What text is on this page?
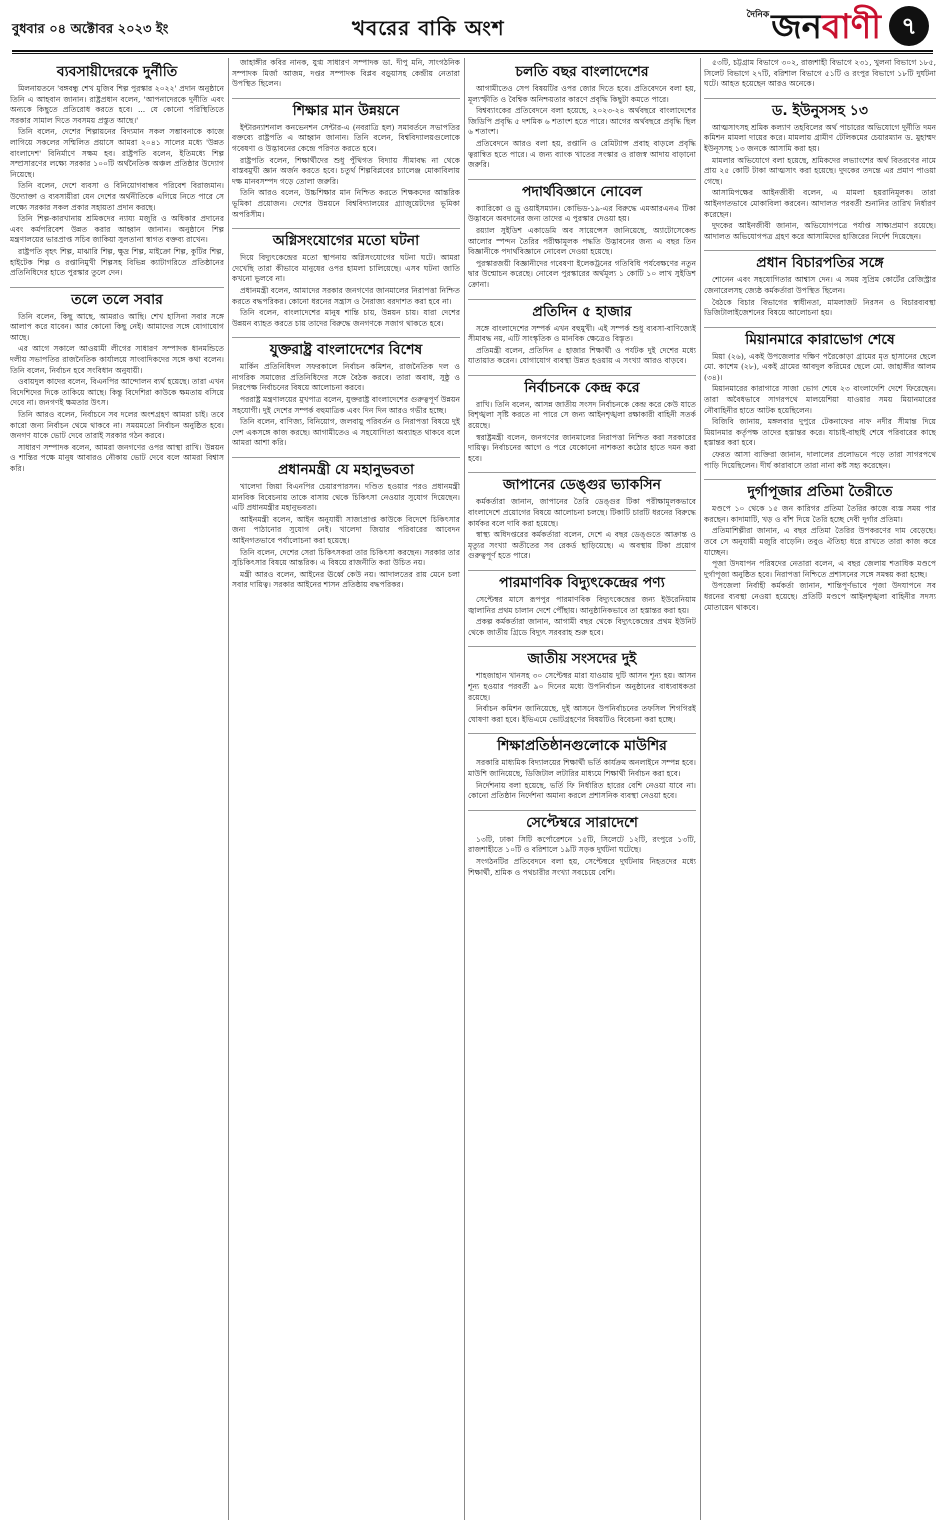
বুধবার ০৪ অক্টোবর ২০২৩ ইং	খবরের বাকি অংশ
দৈনিক জন বাণী ৭
ব্যবসায়ীদেরকে দুর্নীতি

মিলনায়তনে 'বঙ্গবন্ধু শেখ মুজিব শিল্প পুরস্কার ২০২২' প্রদান অনুষ্ঠানে তিনি এ আহবান জানান। রাষ্ট্রপ্রধান বলেন, 'আপনাদেরকে দুর্নীতি এবং অন্যকে কিছুতে প্রতিরোধ করতে হবে। ... যে কোনো পরিস্থিতিতে সরকার সামাল দিতে সবসময় প্রস্তুত আছে।'

তিনি বলেন, দেশের শিল্পায়নের বিদ্যমান সকল সম্ভাবনাকে কাজে লাগিয়ে সকলের সম্মিলিত প্রয়াসে আমরা ২০৪১ সালের মধ্যে 'উন্নত বাংলাদেশ' বিনির্মাণে সক্ষম হব। রাষ্ট্রপতি বলেন, ইতিমধ্যে শিল্প সম্প্রসারণের লক্ষ্যে সরকার ১০০টি অর্থনৈতিক অঞ্চল প্রতিষ্ঠার উদ্যোগ নিয়েছে।

তিনি বলেন, দেশে ব্যবসা ও বিনিয়োগবান্ধব পরিবেশ বিরাজমান। উদ্যোক্তা ও ব্যবসায়ীরা যেন দেশের অর্থনীতিকে এগিয়ে নিতে পারে সে লক্ষ্যে সরকার সকল প্রকার সহায়তা প্রদান করছে।

তিনি শিল্প-কারখানায় শ্রমিকদের ন্যায্য মজুরি ও অধিকার প্রদানের এবং কর্মপরিবেশ উন্নত করার আহ্বান জানান। অনুষ্ঠানে শিল্প মন্ত্রণালয়ের ভারপ্রাপ্ত সচিব জাকিয়া সুলতানা স্বাগত বক্তব্য রাখেন।

রাষ্ট্রপতি বৃহৎ শিল্প, মাঝারি শিল্প, ক্ষুদ্র শিল্প, মাইক্রো শিল্প, কুটির শিল্প, হাইটেক শিল্প ও রপ্তানিমুখী শিল্পসহ বিভিন্ন ক্যাটাগরিতে প্রতিষ্ঠানের প্রতিনিধিদের হাতে পুরস্কার তুলে দেন।

তলে তলে সবার

তিনি বলেন, কিছু আছে, আমরাও আছি। শেখ হাসিনা সবার সঙ্গে আলাপ করে যাবেন। আর কোনো কিছু নেই। আমাদের সঙ্গে যোগাযোগ আছে।

এর আগে সকালে আওয়ামী লীগের সাধারণ সম্পাদক ধানমন্ডিতে দলীয় সভাপতির রাজনৈতিক কার্যালয়ে সাংবাদিকদের সঙ্গে কথা বলেন। তিনি বলেন, নির্বাচন হবে সংবিধান অনুযায়ী।

ওবায়দুল কাদের বলেন, বিএনপির আন্দোলন ব্যর্থ হয়েছে। তারা এখন বিদেশিদের দিকে তাকিয়ে আছে। কিন্তু বিদেশিরা কাউকে ক্ষমতায় বসিয়ে দেবে না। জনগণই ক্ষমতার উৎস।

তিনি আরও বলেন, নির্বাচনে সব দলের অংশগ্রহণ আমরা চাই। তবে কারো জন্য নির্বাচন থেমে থাকবে না। সময়মতো নির্বাচন অনুষ্ঠিত হবে। জনগণ যাকে ভোট দেবে তারাই সরকার গঠন করবে।

সাধারণ সম্পাদক বলেন, আমরা জনগণের ওপর আস্থা রাখি। উন্নয়ন ও শান্তির পক্ষে মানুষ আবারও নৌকায় ভোট দেবে বলে আমরা বিশ্বাস করি।

জাহাঙ্গীর কবির নানক, যুগ্ম সাধারণ সম্পাদক ডা. দীপু মনি, সাংগঠনিক সম্পাদক মির্জা আজম, দপ্তর সম্পাদক বিপ্লব বড়ুয়াসহ কেন্দ্রীয় নেতারা উপস্থিত ছিলেন।

শিক্ষার মান উন্নয়নে

ইন্টারন্যাশনাল কনভেনশন সেন্টার-এ (নবরাত্রি হল) সমাবর্তনে সভাপতির বক্তব্যে রাষ্ট্রপতি এ আহ্বান জানান। তিনি বলেন, বিশ্ববিদ্যালয়গুলোকে গবেষণা ও উদ্ভাবনের কেন্দ্রে পরিণত করতে হবে।

রাষ্ট্রপতি বলেন, শিক্ষার্থীদের শুধু পুঁথিগত বিদ্যায় সীমাবদ্ধ না থেকে বাস্তবমুখী জ্ঞান অর্জন করতে হবে। চতুর্থ শিল্পবিপ্লবের চ্যালেঞ্জ মোকাবিলায় দক্ষ মানবসম্পদ গড়ে তোলা জরুরি।

তিনি আরও বলেন, উচ্চশিক্ষার মান নিশ্চিত করতে শিক্ষকদের আন্তরিক ভূমিকা প্রয়োজন। দেশের উন্নয়নে বিশ্ববিদ্যালয়ের গ্র্যাজুয়েটদের ভূমিকা অপরিসীম।

অগ্নিসংযোগের মতো ঘটনা

দিয়ে বিদ্যুৎকেন্দ্রের মতো স্থাপনায় অগ্নিসংযোগের ঘটনা ঘটে। আমরা দেখেছি তারা কীভাবে মানুষের ওপর হামলা চালিয়েছে। এসব ঘটনা জাতি কখনো ভুলবে না।

প্রধানমন্ত্রী বলেন, আমাদের সরকার জনগণের জানমালের নিরাপত্তা নিশ্চিত করতে বদ্ধপরিকর। কোনো ধরনের সন্ত্রাস ও নৈরাজ্য বরদাশত করা হবে না।

তিনি বলেন, বাংলাদেশের মানুষ শান্তি চায়, উন্নয়ন চায়। যারা দেশের উন্নয়ন ব্যাহত করতে চায় তাদের বিরুদ্ধে জনগণকে সজাগ থাকতে হবে।

যুক্তরাষ্ট্র বাংলাদেশের বিশেষ

মার্কিন প্রতিনিধিদল সফরকালে নির্বাচন কমিশন, রাজনৈতিক দল ও নাগরিক সমাজের প্রতিনিধিদের সঙ্গে বৈঠক করবে। তারা অবাধ, সুষ্ঠু ও নিরপেক্ষ নির্বাচনের বিষয়ে আলোচনা করবে।

পররাষ্ট্র মন্ত্রণালয়ের মুখপাত্র বলেন, যুক্তরাষ্ট্র বাংলাদেশের গুরুত্বপূর্ণ উন্নয়ন সহযোগী। দুই দেশের সম্পর্ক বহুমাত্রিক এবং দিন দিন আরও গভীর হচ্ছে।

তিনি বলেন, বাণিজ্য, বিনিয়োগ, জলবায়ু পরিবর্তন ও নিরাপত্তা বিষয়ে দুই দেশ একসঙ্গে কাজ করছে। আগামীতেও এ সহযোগিতা অব্যাহত থাকবে বলে আমরা আশা করি।

প্রধানমন্ত্রী যে মহানুভবতা

খালেদা জিয়া বিএনপির চেয়ারপারসন। দণ্ডিত হওয়ার পরও প্রধানমন্ত্রী মানবিক বিবেচনায় তাকে বাসায় থেকে চিকিৎসা নেওয়ার সুযোগ দিয়েছেন। এটি প্রধানমন্ত্রীর মহানুভবতা।

আইনমন্ত্রী বলেন, আইন অনুযায়ী সাজাপ্রাপ্ত কাউকে বিদেশে চিকিৎসার জন্য পাঠানোর সুযোগ নেই। খালেদা জিয়ার পরিবারের আবেদন আইনগতভাবে পর্যালোচনা করা হয়েছে।

তিনি বলেন, দেশের সেরা চিকিৎসকরা তার চিকিৎসা করছেন। সরকার তার সুচিকিৎসার বিষয়ে আন্তরিক। এ বিষয়ে রাজনীতি করা উচিত নয়।

মন্ত্রী আরও বলেন, আইনের ঊর্ধ্বে কেউ নয়। আদালতের রায় মেনে চলা সবার দায়িত্ব। সরকার আইনের শাসন প্রতিষ্ঠায় বদ্ধপরিকর।

চলতি বছর বাংলাদেশের

আগামীতেও সেপ বিষয়টির ওপর জোর দিতে হবে। প্রতিবেদনে বলা হয়, মূল্যস্ফীতি ও বৈশ্বিক অনিশ্চয়তার কারণে প্রবৃদ্ধি কিছুটা কমতে পারে।

বিশ্বব্যাংকের প্রতিবেদনে বলা হয়েছে, ২০২৩-২৪ অর্থবছরে বাংলাদেশের জিডিপি প্রবৃদ্ধি ৫ দশমিক ৬ শতাংশ হতে পারে। আগের অর্থবছরে প্রবৃদ্ধি ছিল ৬ শতাংশ।

প্রতিবেদনে আরও বলা হয়, রপ্তানি ও রেমিট্যান্স প্রবাহ বাড়লে প্রবৃদ্ধি ত্বরান্বিত হতে পারে। এ জন্য ব্যাংক খাতের সংস্কার ও রাজস্ব আদায় বাড়ানো জরুরি।

পদার্থবিজ্ঞানে নোবেল

ক্যারিকো ও ড্রু ওয়াইসম্যান। কোভিড-১৯-এর বিরুদ্ধে এমআরএনএ টিকা উদ্ভাবনে অবদানের জন্য তাদের এ পুরস্কার দেওয়া হয়।

রয়্যাল সুইডিশ একাডেমি অব সায়েন্সেস জানিয়েছে, অ্যাটোসেকেন্ড আলোর স্পন্দন তৈরির পরীক্ষামূলক পদ্ধতি উদ্ভাবনের জন্য এ বছর তিন বিজ্ঞানীকে পদার্থবিজ্ঞানে নোবেল দেওয়া হয়েছে।

পুরস্কারজয়ী বিজ্ঞানীদের গবেষণা ইলেকট্রনের গতিবিধি পর্যবেক্ষণের নতুন দ্বার উন্মোচন করেছে। নোবেল পুরস্কারের অর্থমূল্য ১ কোটি ১০ লাখ সুইডিশ ক্রোনা।

প্রতিদিন ৫ হাজার

সঙ্গে বাংলাদেশের সম্পর্ক এখন বহুমুখী। এই সম্পর্ক শুধু ব্যবসা-বাণিজ্যেই সীমাবদ্ধ নয়, এটি সাংস্কৃতিক ও মানবিক ক্ষেত্রেও বিস্তৃত।

প্রতিমন্ত্রী বলেন, প্রতিদিন ৫ হাজার শিক্ষার্থী ও পর্যটক দুই দেশের মধ্যে যাতায়াত করেন। যোগাযোগ ব্যবস্থা উন্নত হওয়ায় এ সংখ্যা আরও বাড়বে।

নির্বাচনকে কেন্দ্র করে

রাখি। তিনি বলেন, আসন্ন জাতীয় সংসদ নির্বাচনকে কেন্দ্র করে কেউ যাতে বিশৃঙ্খলা সৃষ্টি করতে না পারে সে জন্য আইনশৃঙ্খলা রক্ষাকারী বাহিনী সতর্ক রয়েছে।

স্বরাষ্ট্রমন্ত্রী বলেন, জনগণের জানমালের নিরাপত্তা নিশ্চিত করা সরকারের দায়িত্ব। নির্বাচনের আগে ও পরে যেকোনো নাশকতা কঠোর হাতে দমন করা হবে।

জাপানের ডেঙ্গুর ভ্যাকসিন

কর্মকর্তারা জানান, জাপানের তৈরি ডেঙ্গুর টিকা পরীক্ষামূলকভাবে বাংলাদেশে প্রয়োগের বিষয়ে আলোচনা চলছে। টিকাটি চারটি ধরনের বিরুদ্ধে কার্যকর বলে দাবি করা হয়েছে।

স্বাস্থ্য অধিদপ্তরের কর্মকর্তারা বলেন, দেশে এ বছর ডেঙ্গুতে আক্রান্ত ও মৃত্যুর সংখ্যা অতীতের সব রেকর্ড ছাড়িয়েছে। এ অবস্থায় টিকা প্রয়োগ গুরুত্বপূর্ণ হতে পারে।

পারমাণবিক বিদ্যুৎকেন্দ্রের পণ্য

সেপ্টেম্বর মাসে রূপপুর পারমাণবিক বিদ্যুৎকেন্দ্রের জন্য ইউরেনিয়াম জ্বালানির প্রথম চালান দেশে পৌঁছায়। আনুষ্ঠানিকভাবে তা হস্তান্তর করা হয়।

প্রকল্প কর্মকর্তারা জানান, আগামী বছর থেকে বিদ্যুৎকেন্দ্রের প্রথম ইউনিট থেকে জাতীয় গ্রিডে বিদ্যুৎ সরবরাহ শুরু হবে।

জাতীয় সংসদের দুই

শাহজাহান খানসহ ৩০ সেপ্টেম্বর মারা যাওয়ায় দুটি আসন শূন্য হয়। আসন শূন্য হওয়ার পরবর্তী ৯০ দিনের মধ্যে উপনির্বাচন অনুষ্ঠানের বাধ্যবাধকতা রয়েছে।

নির্বাচন কমিশন জানিয়েছে, দুই আসনে উপনির্বাচনের তফসিল শিগগিরই ঘোষণা করা হবে। ইভিএমে ভোটগ্রহণের বিষয়টিও বিবেচনা করা হচ্ছে।

শিক্ষাপ্রতিষ্ঠানগুলোকে মাউশির

সরকারি মাধ্যমিক বিদ্যালয়ের শিক্ষার্থী ভর্তি কার্যক্রম অনলাইনে সম্পন্ন হবে। মাউশি জানিয়েছে, ডিজিটাল লটারির মাধ্যমে শিক্ষার্থী নির্বাচন করা হবে।

নির্দেশনায় বলা হয়েছে, ভর্তি ফি নির্ধারিত হারের বেশি নেওয়া যাবে না। কোনো প্রতিষ্ঠান নির্দেশনা অমান্য করলে প্রশাসনিক ব্যবস্থা নেওয়া হবে।

সেপ্টেম্বরে সারাদেশে

১৩টি, ঢাকা সিটি কর্পোরেশনে ১৫টি, সিলেটে ১২টি, রংপুরে ১৩টি, রাজশাহীতে ১০টি ও বরিশালে ১৯টি সড়ক দুর্ঘটনা ঘটেছে।

সংগঠনটির প্রতিবেদনে বলা হয়, সেপ্টেম্বরে দুর্ঘটনায় নিহতদের মধ্যে শিক্ষার্থী, শ্রমিক ও পথচারীর সংখ্যা সবচেয়ে বেশি।

৫৩টি, চট্টগ্রাম বিভাগে ৩০২, রাজশাহী বিভাগে ২৩১, খুলনা বিভাগে ১৮৫, সিলেট বিভাগে ২৭টি, বরিশাল বিভাগে ৫১টি ও রংপুর বিভাগে ১৮টি দুর্ঘটনা ঘটে। আহত হয়েছেন আরও অনেকে।

ড. ইউনুসসহ ১৩

আত্মসাৎসহ শ্রমিক কল্যাণ তহবিলের অর্থ পাচারের অভিযোগে দুর্নীতি দমন কমিশন মামলা দায়ের করে। মামলায় গ্রামীণ টেলিকমের চেয়ারম্যান ড. মুহাম্মদ ইউনূসসহ ১৩ জনকে আসামি করা হয়।

মামলার অভিযোগে বলা হয়েছে, শ্রমিকদের লভ্যাংশের অর্থ বিতরণের নামে প্রায় ২৫ কোটি টাকা আত্মসাৎ করা হয়েছে। দুদকের তদন্তে এর প্রমাণ পাওয়া গেছে।

আসামিপক্ষের আইনজীবী বলেন, এ মামলা হয়রানিমূলক। তারা আইনগতভাবে মোকাবিলা করবেন। আদালত পরবর্তী শুনানির তারিখ নির্ধারণ করেছেন।

দুদকের আইনজীবী জানান, অভিযোগপত্রে পর্যাপ্ত সাক্ষ্যপ্রমাণ রয়েছে। আদালত অভিযোগপত্র গ্রহণ করে আসামিদের হাজিরের নির্দেশ দিয়েছেন।

প্রধান বিচারপতির সঙ্গে

শোনেন এবং সহযোগিতার আশ্বাস দেন। এ সময় সুপ্রিম কোর্টের রেজিস্ট্রার জেনারেলসহ জ্যেষ্ঠ কর্মকর্তারা উপস্থিত ছিলেন।

বৈঠকে বিচার বিভাগের স্বাধীনতা, মামলাজট নিরসন ও বিচারব্যবস্থা ডিজিটালাইজেশনের বিষয়ে আলোচনা হয়।

মিয়ানমারে কারাভোগ শেষে

মিয়া (২৬), একই উপজেলার দক্ষিণ পরৈকোড়া গ্রামের মৃত হাসানের ছেলে মো. কাশেম (২৮), একই গ্রামের আবদুল করিমের ছেলে মো. জাহাঙ্গীর আলম (৩৪)।

মিয়ানমারের কারাগারে সাজা ভোগ শেষে ২৩ বাংলাদেশি দেশে ফিরেছেন। তারা অবৈধভাবে সাগরপথে মালয়েশিয়া যাওয়ার সময় মিয়ানমারের নৌবাহিনীর হাতে আটক হয়েছিলেন।

বিজিবি জানায়, মঙ্গলবার দুপুরে টেকনাফের নাফ নদীর সীমান্ত দিয়ে মিয়ানমার কর্তৃপক্ষ তাদের হস্তান্তর করে। যাচাই-বাছাই শেষে পরিবারের কাছে হস্তান্তর করা হবে।

ফেরত আসা ব্যক্তিরা জানান, দালালের প্রলোভনে পড়ে তারা সাগরপথে পাড়ি দিয়েছিলেন। দীর্ঘ কারাবাসে তারা নানা কষ্ট সহ্য করেছেন।

দুর্গাপূজার প্রতিমা তৈরীতে

মণ্ডপে ১০ থেকে ১৫ জন কারিগর প্রতিমা তৈরির কাজে ব্যস্ত সময় পার করছেন। কাদামাটি, খড় ও বাঁশ দিয়ে তৈরি হচ্ছে দেবী দুর্গার প্রতিমা।

প্রতিমাশিল্পীরা জানান, এ বছর প্রতিমা তৈরির উপকরণের দাম বেড়েছে। তবে সে অনুযায়ী মজুরি বাড়েনি। তবুও ঐতিহ্য ধরে রাখতে তারা কাজ করে যাচ্ছেন।

পূজা উদযাপন পরিষদের নেতারা বলেন, এ বছর জেলায় শতাধিক মণ্ডপে দুর্গাপূজা অনুষ্ঠিত হবে। নিরাপত্তা নিশ্চিতে প্রশাসনের সঙ্গে সমন্বয় করা হচ্ছে।

উপজেলা নির্বাহী কর্মকর্তা জানান, শান্তিপূর্ণভাবে পূজা উদযাপনে সব ধরনের ব্যবস্থা নেওয়া হয়েছে। প্রতিটি মণ্ডপে আইনশৃঙ্খলা বাহিনীর সদস্য মোতায়েন থাকবে।
